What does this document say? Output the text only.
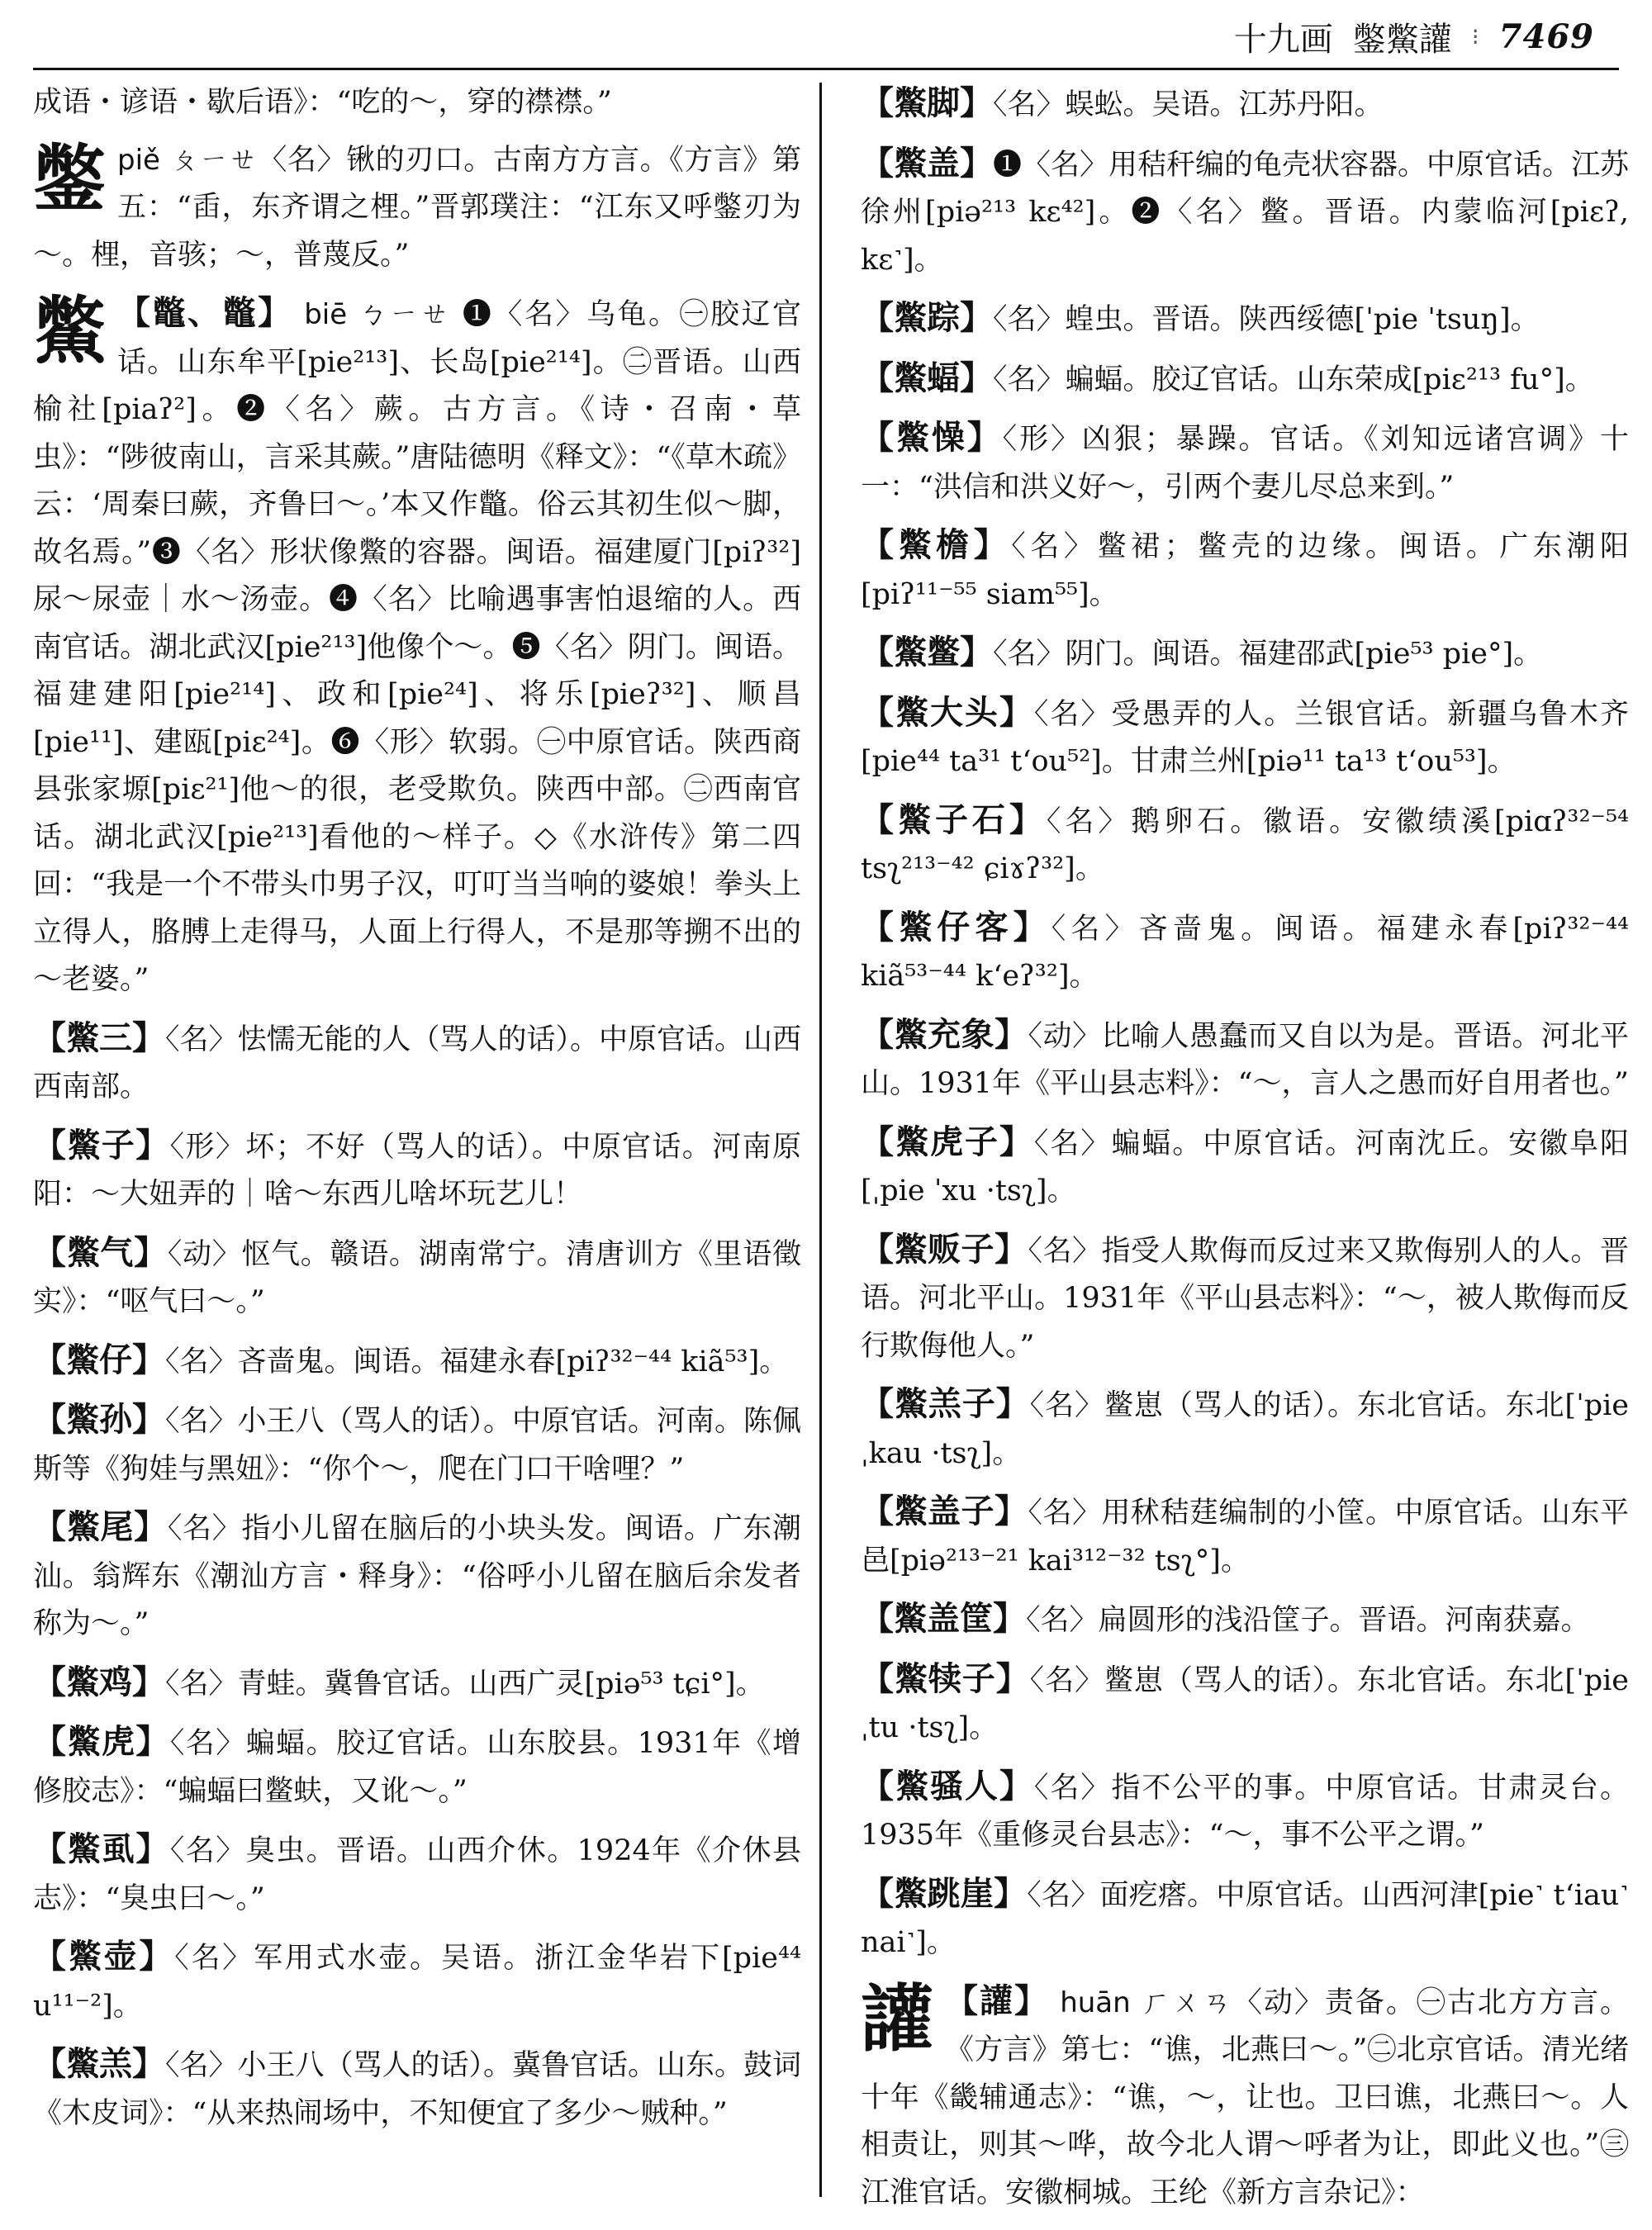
十九画 鐅鱉讙 ⁝ 7469

成语・谚语・歇后语》：“吃的～，穿的襟襟。”

鐅 piě ㄆㄧㄝ〈名〉锹的刃口。古南方方言。《方言》第五：“臿，东齐谓之梩。”晋郭璞注：“江东又呼鐅刃为～。梩，音骇；～，普蔑反。”

鱉 【鼈、鼈】 biē ㄅㄧㄝ ❶〈名〉乌龟。㊀胶辽官话。山东牟平[pie²¹³]、长岛[pie²¹⁴]。㊁晋语。山西榆社[piaʔ²]。❷〈名〉蕨。古方言。《诗・召南・草虫》：“陟彼南山，言采其蕨。”唐陆德明《释文》：“《草木疏》云：‘周秦曰蕨，齐鲁曰～。’本又作鼈。俗云其初生似～脚，故名焉。”❸〈名〉形状像鱉的容器。闽语。福建厦门[piʔ³²]尿～尿壶｜水～汤壶。❹〈名〉比喻遇事害怕退缩的人。西南官话。湖北武汉[pie²¹³]他像个～。❺〈名〉阴门。闽语。福建建阳[pie²¹⁴]、政和[pie²⁴]、将乐[pieʔ³²]、顺昌[pie¹¹]、建瓯[piɛ²⁴]。❻〈形〉软弱。㊀中原官话。陕西商县张家塬[piɛ²¹]他～的很，老受欺负。陕西中部。㊁西南官话。湖北武汉[pie²¹³]看他的～样子。◇《水浒传》第二四回：“我是一个不带头巾男子汉，叮叮当当响的婆娘！拳头上立得人，胳膊上走得马，人面上行得人，不是那等搠不出的～老婆。”

【鱉三】〈名〉怯懦无能的人（骂人的话）。中原官话。山西西南部。

【鱉子】〈形〉坏；不好（骂人的话）。中原官话。河南原阳：～大妞弄的｜啥～东西儿啥坏玩艺儿！

【鱉气】〈动〉怄气。赣语。湖南常宁。清唐训方《里语徵实》：“呕气曰～。”

【鱉仔】〈名〉吝啬鬼。闽语。福建永春[piʔ³²⁻⁴⁴ kiã⁵³]。

【鱉孙】〈名〉小王八（骂人的话）。中原官话。河南。陈佩斯等《狗娃与黑妞》：“你个～，爬在门口干啥哩？”

【鱉尾】〈名〉指小儿留在脑后的小块头发。闽语。广东潮汕。翁辉东《潮汕方言・释身》：“俗呼小儿留在脑后余发者称为～。”

【鱉鸡】〈名〉青蛙。冀鲁官话。山西广灵[piə⁵³ tɕi°]。

【鱉虎】〈名〉蝙蝠。胶辽官话。山东胶县。1931年《增修胶志》：“蝙蝠曰鳖蚨，又讹～。”

【鱉虱】〈名〉臭虫。晋语。山西介休。1924年《介休县志》：“臭虫曰～。”

【鱉壶】〈名〉军用式水壶。吴语。浙江金华岩下[pie⁴⁴ u¹¹⁻²]。

【鱉羔】〈名〉小王八（骂人的话）。冀鲁官话。山东。鼓词《木皮词》：“从来热闹场中，不知便宜了多少～贼种。”

【鱉脚】〈名〉蜈蚣。吴语。江苏丹阳。

【鱉盖】❶〈名〉用秸秆编的龟壳状容器。中原官话。江苏徐州[piə²¹³ kɛ⁴²]。❷〈名〉鳖。晋语。内蒙临河[piɛʔ, kɛ˺]。

【鱉踪】〈名〉蝗虫。晋语。陕西绥德[ˈpie ˈtsuŋ]。

【鱉蝠】〈名〉蝙蝠。胶辽官话。山东荣成[piɛ²¹³ fu°]。

【鱉懆】〈形〉凶狠；暴躁。官话。《刘知远诸宫调》十一：“洪信和洪义好～，引两个妻儿尽总来到。”

【鱉檐】〈名〉鳖裙；鳖壳的边缘。闽语。广东潮阳[piʔ¹¹⁻⁵⁵ siam⁵⁵]。

【鱉鳖】〈名〉阴门。闽语。福建邵武[pie⁵³ pie°]。

【鱉大头】〈名〉受愚弄的人。兰银官话。新疆乌鲁木齐[pie⁴⁴ ta³¹ tʻou⁵²]。甘肃兰州[piə¹¹ ta¹³ tʻou⁵³]。

【鱉子石】〈名〉鹅卵石。徽语。安徽绩溪[piɑʔ³²⁻⁵⁴ tsʅ²¹³⁻⁴² ɕiɤʔ³²]。

【鱉仔客】〈名〉吝啬鬼。闽语。福建永春[piʔ³²⁻⁴⁴ kiã⁵³⁻⁴⁴ kʻeʔ³²]。

【鱉充象】〈动〉比喻人愚蠢而又自以为是。晋语。河北平山。1931年《平山县志料》：“～，言人之愚而好自用者也。”

【鱉虎子】〈名〉蝙蝠。中原官话。河南沈丘。安徽阜阳[ˌpie ˈxu ·tsʅ]。

【鱉贩子】〈名〉指受人欺侮而反过来又欺侮别人的人。晋语。河北平山。1931年《平山县志料》：“～，被人欺侮而反行欺侮他人。”

【鱉羔子】〈名〉鳖崽（骂人的话）。东北官话。东北[ˈpie ˌkau ·tsʅ]。

【鱉盖子】〈名〉用秫秸莛编制的小筐。中原官话。山东平邑[piə²¹³⁻²¹ kai³¹²⁻³² tsʅ°]。

【鱉盖筐】〈名〉扁圆形的浅沿筐子。晋语。河南获嘉。

【鱉犊子】〈名〉鳖崽（骂人的话）。东北官话。东北[ˈpie ˌtu ·tsʅ]。

【鱉骚人】〈名〉指不公平的事。中原官话。甘肃灵台。1935年《重修灵台县志》：“～，事不公平之谓。”

【鱉跳崖】〈名〉面疙瘩。中原官话。山西河津[pie˺ tʻiau˺ nai˺]。

讙 【讙】 huān ㄏㄨㄢ〈动〉责备。㊀古北方方言。《方言》第七：“谯，北燕曰～。”㊁北京官话。清光绪十年《畿辅通志》：“谯，～，让也。卫曰谯，北燕曰～。人相责让，则其～哗，故今北人谓～呼者为让，即此义也。”㊂江淮官话。安徽桐城。王纶《新方言杂记》：
